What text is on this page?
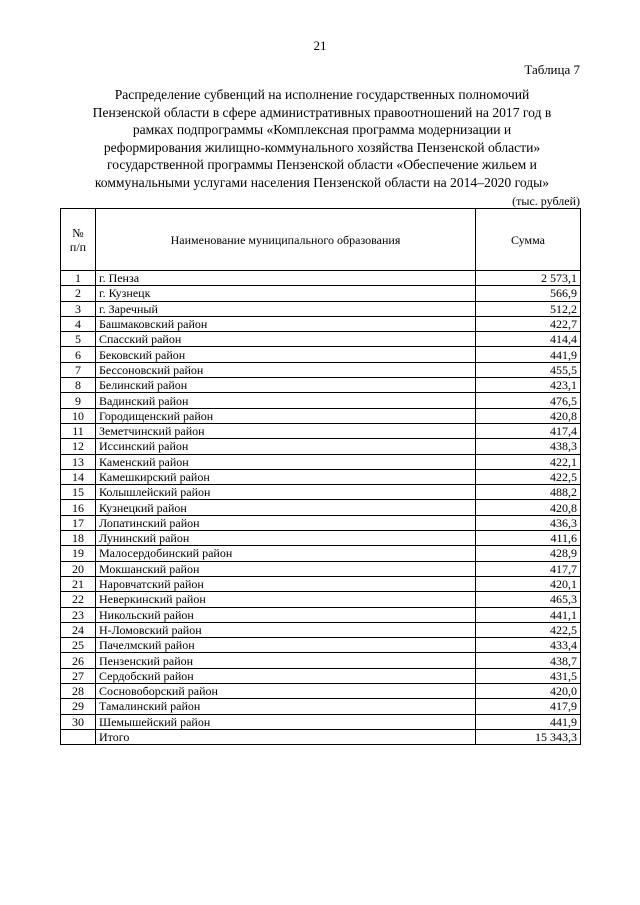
21
Таблица 7
Распределение субвенций на исполнение государственных полномочий
Пензенской области в сфере административных правоотношений на 2017 год в
рамках подпрограммы «Комплексная программа модернизации и
реформирования жилищно-коммунального хозяйства Пензенской области»
государственной программы Пензенской области «Обеспечение жильем и
коммунальными услугами населения Пензенской области на 2014–2020 годы»
(тыс. рублей)
№
п/п	Наименование муниципального образования	Сумма
1	г. Пенза	2 573,1
2	г. Кузнецк	566,9
3	г. Заречный	512,2
4	Башмаковский район	422,7
5	Спасский район	414,4
6	Бековский район	441,9
7	Бессоновский район	455,5
8	Белинский район	423,1
9	Вадинский район	476,5
10	Городищенский район	420,8
11	Земетчинский район	417,4
12	Иссинский район	438,3
13	Каменский район	422,1
14	Камешкирский район	422,5
15	Колышлейский район	488,2
16	Кузнецкий район	420,8
17	Лопатинский район	436,3
18	Лунинский район	411,6
19	Малосердобинский район	428,9
20	Мокшанский район	417,7
21	Наровчатский район	420,1
22	Неверкинский район	465,3
23	Никольский район	441,1
24	Н-Ломовский район	422,5
25	Пачелмский район	433,4
26	Пензенский район	438,7
27	Сердобский район	431,5
28	Сосновоборский район	420,0
29	Тамалинский район	417,9
30	Шемышейский район	441,9
	Итого	15 343,3
